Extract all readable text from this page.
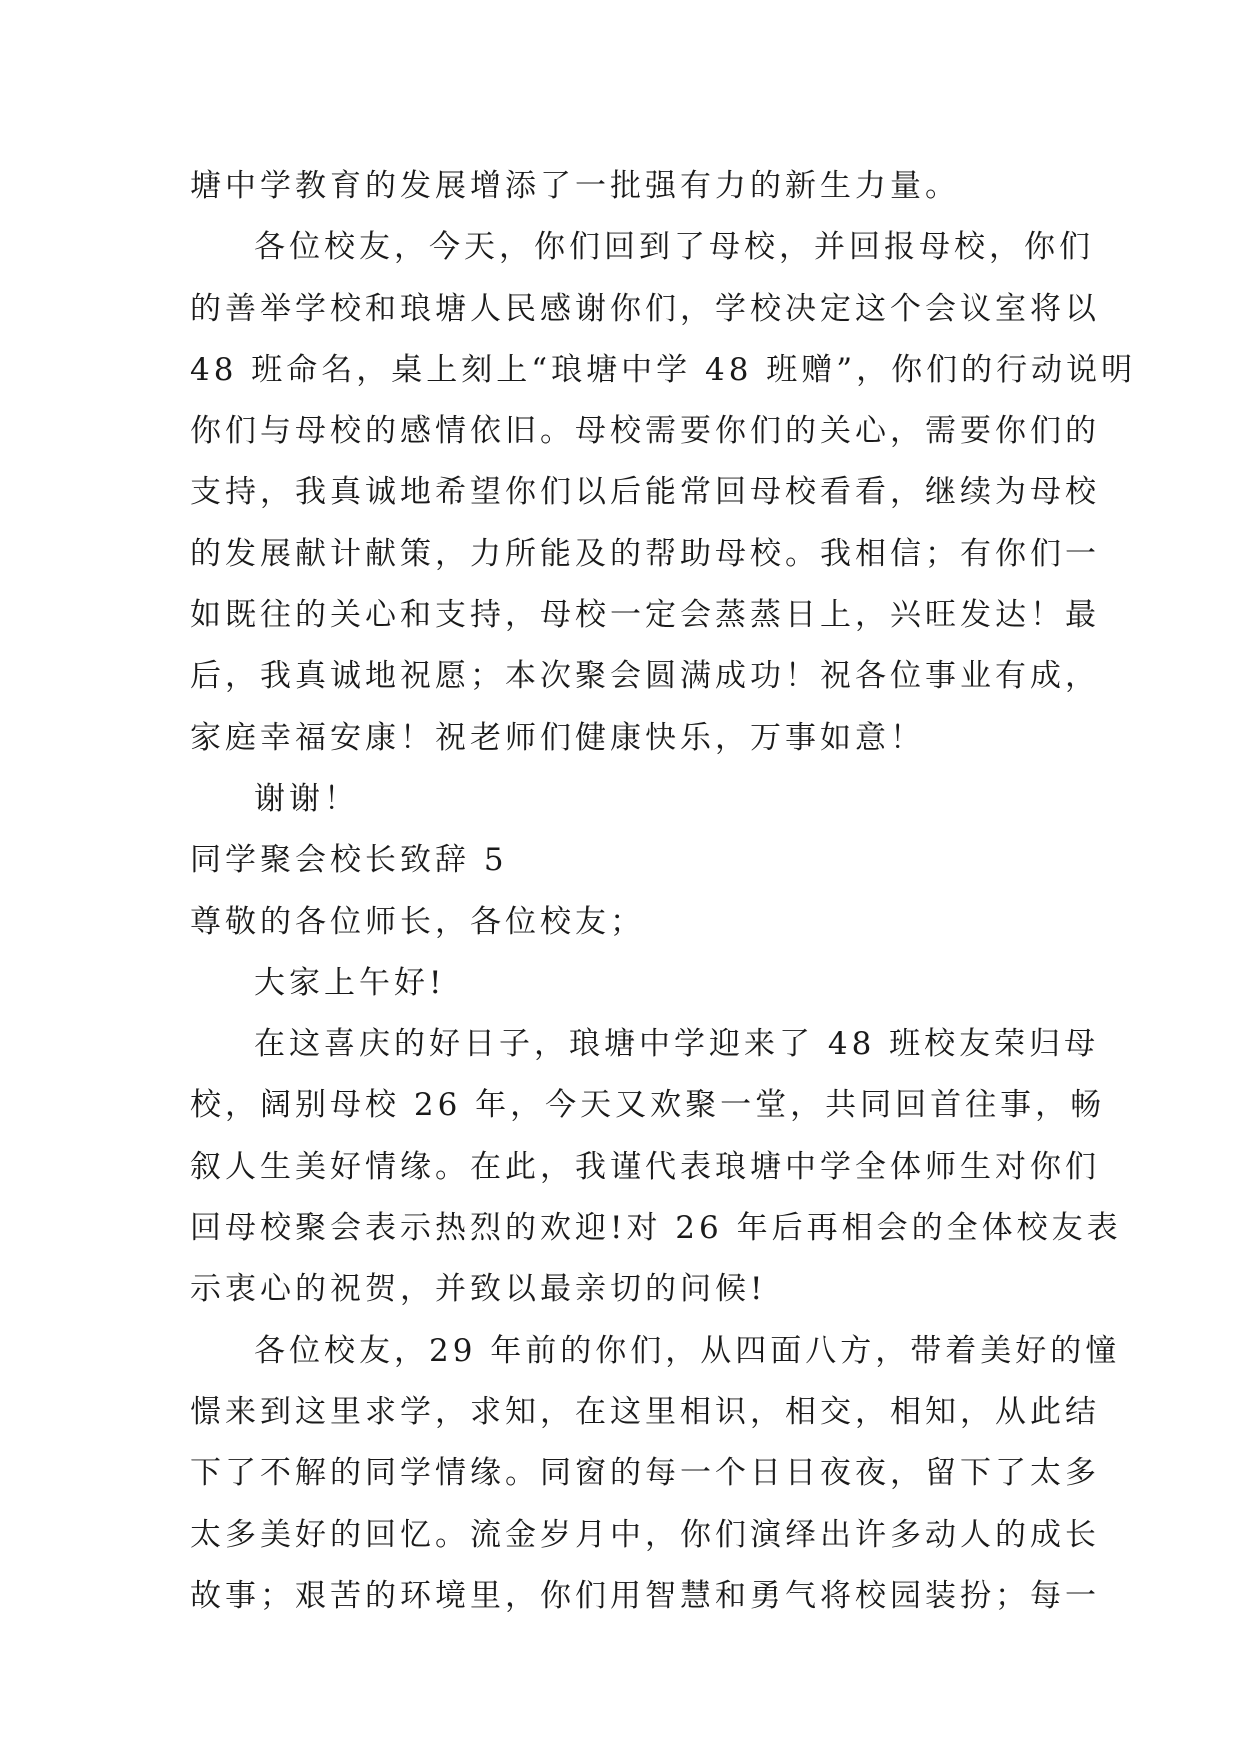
塘中学教育的发展增添了一批强有力的新生力量。
各位校友，今天，你们回到了母校，并回报母校，你们
的善举学校和琅塘人民感谢你们，学校决定这个会议室将以
48 班命名，桌上刻上“琅塘中学 48 班赠”，你们的行动说明
你们与母校的感情依旧。母校需要你们的关心，需要你们的
支持，我真诚地希望你们以后能常回母校看看，继续为母校
的发展献计献策，力所能及的帮助母校。我相信；有你们一
如既往的关心和支持，母校一定会蒸蒸日上，兴旺发达！最
后，我真诚地祝愿；本次聚会圆满成功！祝各位事业有成，
家庭幸福安康！祝老师们健康快乐，万事如意！
谢谢！
同学聚会校长致辞 5
尊敬的各位师长，各位校友；
大家上午好!
在这喜庆的好日子，琅塘中学迎来了 48 班校友荣归母
校，阔别母校 26 年，今天又欢聚一堂，共同回首往事，畅
叙人生美好情缘。在此，我谨代表琅塘中学全体师生对你们
回母校聚会表示热烈的欢迎!对 26 年后再相会的全体校友表
示衷心的祝贺，并致以最亲切的问候!
各位校友，29 年前的你们，从四面八方，带着美好的憧
憬来到这里求学，求知，在这里相识，相交，相知，从此结
下了不解的同学情缘。同窗的每一个日日夜夜，留下了太多
太多美好的回忆。流金岁月中，你们演绎出许多动人的成长
故事；艰苦的环境里，你们用智慧和勇气将校园装扮；每一
